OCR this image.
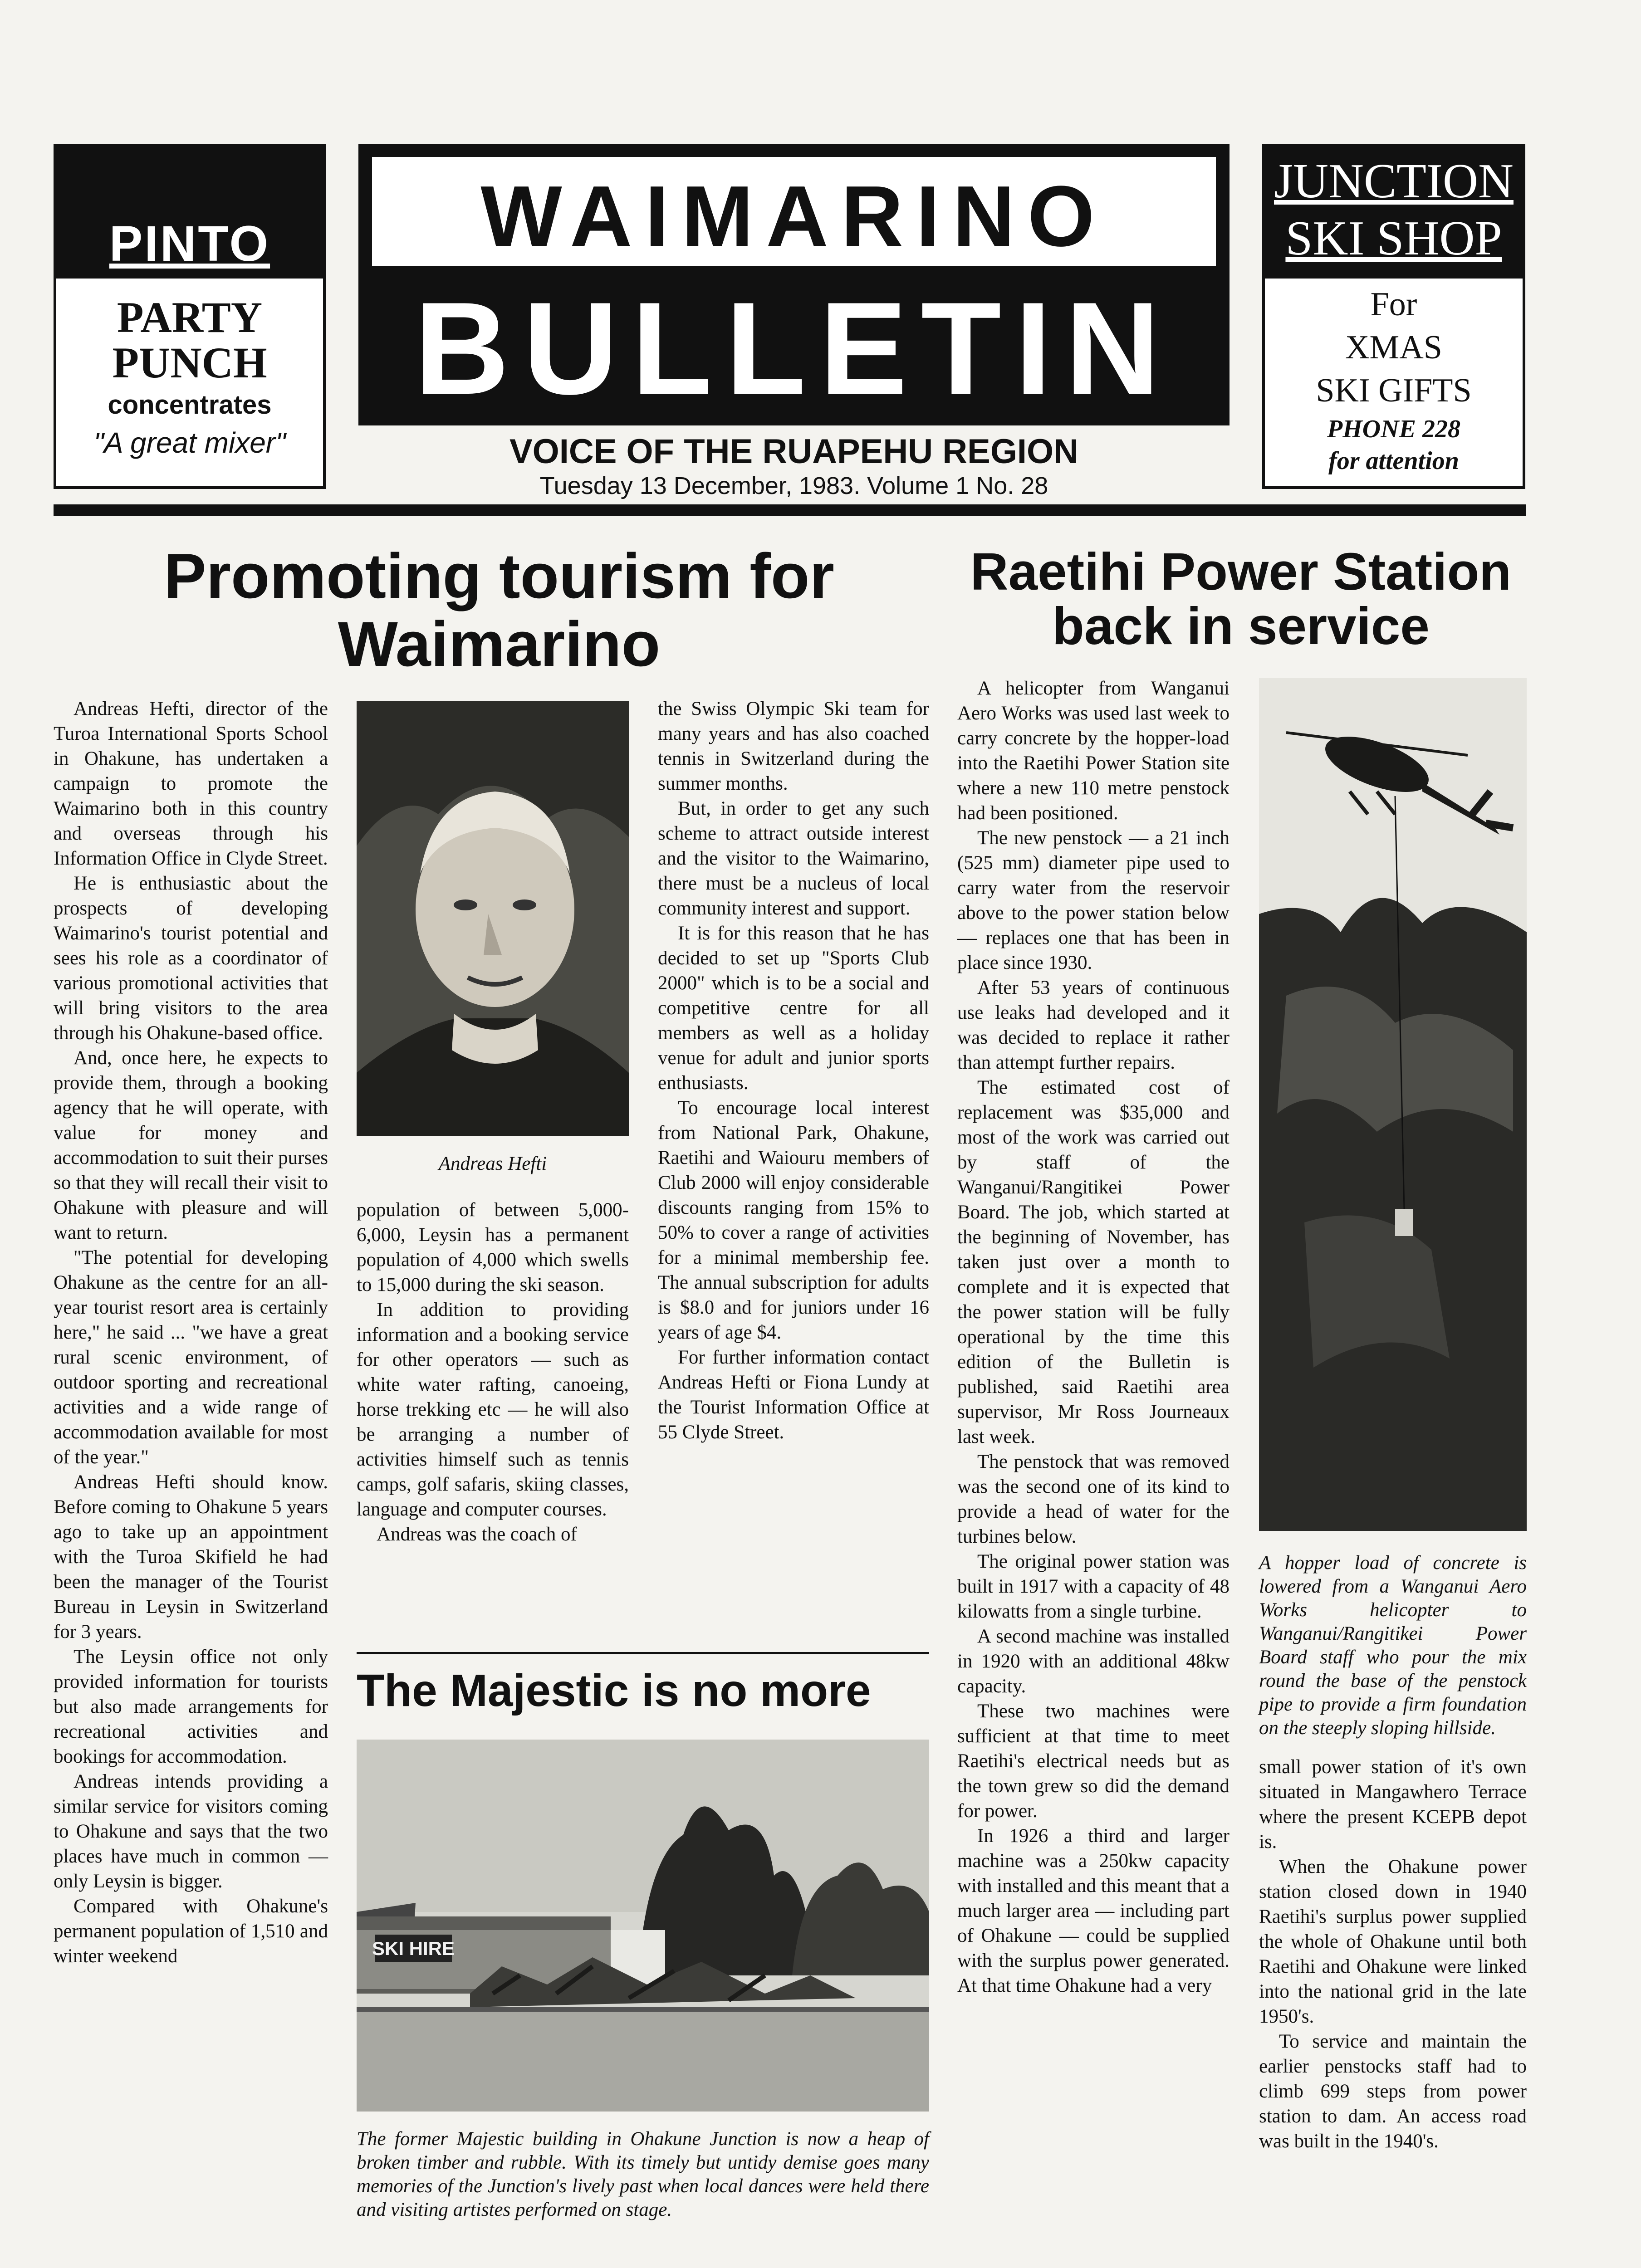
PINTO
PARTY
PUNCH
concentrates
"A great mixer"
WAIMARINO
BULLETIN
VOICE OF THE RUAPEHU REGION
Tuesday 13 December, 1983. Volume 1 No. 28
JUNCTION
SKI SHOP
For
XMAS
SKI GIFTS
PHONE 228
for attention
Promoting tourism for Waimarino

Andreas Hefti, director of the Turoa International Sports School in Ohakune, has undertaken a campaign to promote the Waimarino both in this country and overseas through his Information Office in Clyde Street.

He is enthusiastic about the prospects of developing Waimarino's tourist potential and sees his role as a coordinator of various promotional activities that will bring visitors to the area through his Ohakune-based office.

And, once here, he expects to provide them, through a booking agency that he will operate, with value for money and accommodation to suit their purses so that they will recall their visit to Ohakune with pleasure and will want to return.

"The potential for developing Ohakune as the centre for an all-year tourist resort area is certainly here," he said ... "we have a great rural scenic environment, of outdoor sporting and recreational activities and a wide range of accommodation available for most of the year."

Andreas Hefti should know. Before coming to Ohakune 5 years ago to take up an appointment with the Turoa Skifield he had been the manager of the Tourist Bureau in Leysin in Switzerland for 3 years.

The Leysin office not only provided information for tourists but also made arrangements for recreational activities and bookings for accommodation.

Andreas intends providing a similar service for visitors coming to Ohakune and says that the two places have much in common — only Leysin is bigger.

Compared with Ohakune's permanent population of 1,510 and winter weekend

Andreas Hefti

population of between 5,000-6,000, Leysin has a permanent population of 4,000 which swells to 15,000 during the ski season.

In addition to providing information and a booking service for other operators — such as white water rafting, canoeing, horse trekking etc — he will also be arranging a number of activities himself such as tennis camps, golf safaris, skiing classes, language and computer courses.

Andreas was the coach of

the Swiss Olympic Ski team for many years and has also coached tennis in Switzerland during the summer months.

But, in order to get any such scheme to attract outside interest and the visitor to the Waimarino, there must be a nucleus of local community interest and support.

It is for this reason that he has decided to set up "Sports Club 2000" which is to be a social and competitive centre for all members as well as a holiday venue for adult and junior sports enthusiasts.

To encourage local interest from National Park, Ohakune, Raetihi and Waiouru members of Club 2000 will enjoy considerable discounts ranging from 15% to 50% to cover a range of activities for a minimal membership fee. The annual subscription for adults is $8.0 and for juniors under 16 years of age $4.

For further information contact Andreas Hefti or Fiona Lundy at the Tourist Information Office at 55 Clyde Street.

The Majestic is no more
SKI HIRE
The former Majestic building in Ohakune Junction is now a heap of broken timber and rubble. With its timely but untidy demise goes many memories of the Junction's lively past when local dances were held there and visiting artistes performed on stage.
Raetihi Power Station back in service

A helicopter from Wanganui Aero Works was used last week to carry concrete by the hopper-load into the Raetihi Power Station site where a new 110 metre penstock had been positioned.

The new penstock — a 21 inch (525 mm) diameter pipe used to carry water from the reservoir above to the power station below — replaces one that has been in place since 1930.

After 53 years of continuous use leaks had developed and it was decided to replace it rather than attempt further repairs.

The estimated cost of replacement was $35,000 and most of the work was carried out by staff of the Wanganui/Rangitikei Power Board. The job, which started at the beginning of November, has taken just over a month to complete and it is expected that the power station will be fully operational by the time this edition of the Bulletin is published, said Raetihi area supervisor, Mr Ross Journeaux last week.

The penstock that was removed was the second one of its kind to provide a head of water for the turbines below.

The original power station was built in 1917 with a capacity of 48 kilowatts from a single turbine.

A second machine was installed in 1920 with an additional 48kw capacity.

These two machines were sufficient at that time to meet Raetihi's electrical needs but as the town grew so did the demand for power.

In 1926 a third and larger machine was a 250kw capacity with installed and this meant that a much larger area — including part of Ohakune — could be supplied with the surplus power generated. At that time Ohakune had a very

A hopper load of concrete is lowered from a Wanganui Aero Works helicopter to Wanganui/Rangitikei Power Board staff who pour the mix round the base of the penstock pipe to provide a firm foundation on the steeply sloping hillside.

small power station of it's own situated in Mangawhero Terrace where the present KCEPB depot is.

When the Ohakune power station closed down in 1940 Raetihi's surplus power supplied the whole of Ohakune until both Raetihi and Ohakune were linked into the national grid in the late 1950's.

To service and maintain the earlier penstocks staff had to climb 699 steps from power station to dam. An access road was built in the 1940's.
